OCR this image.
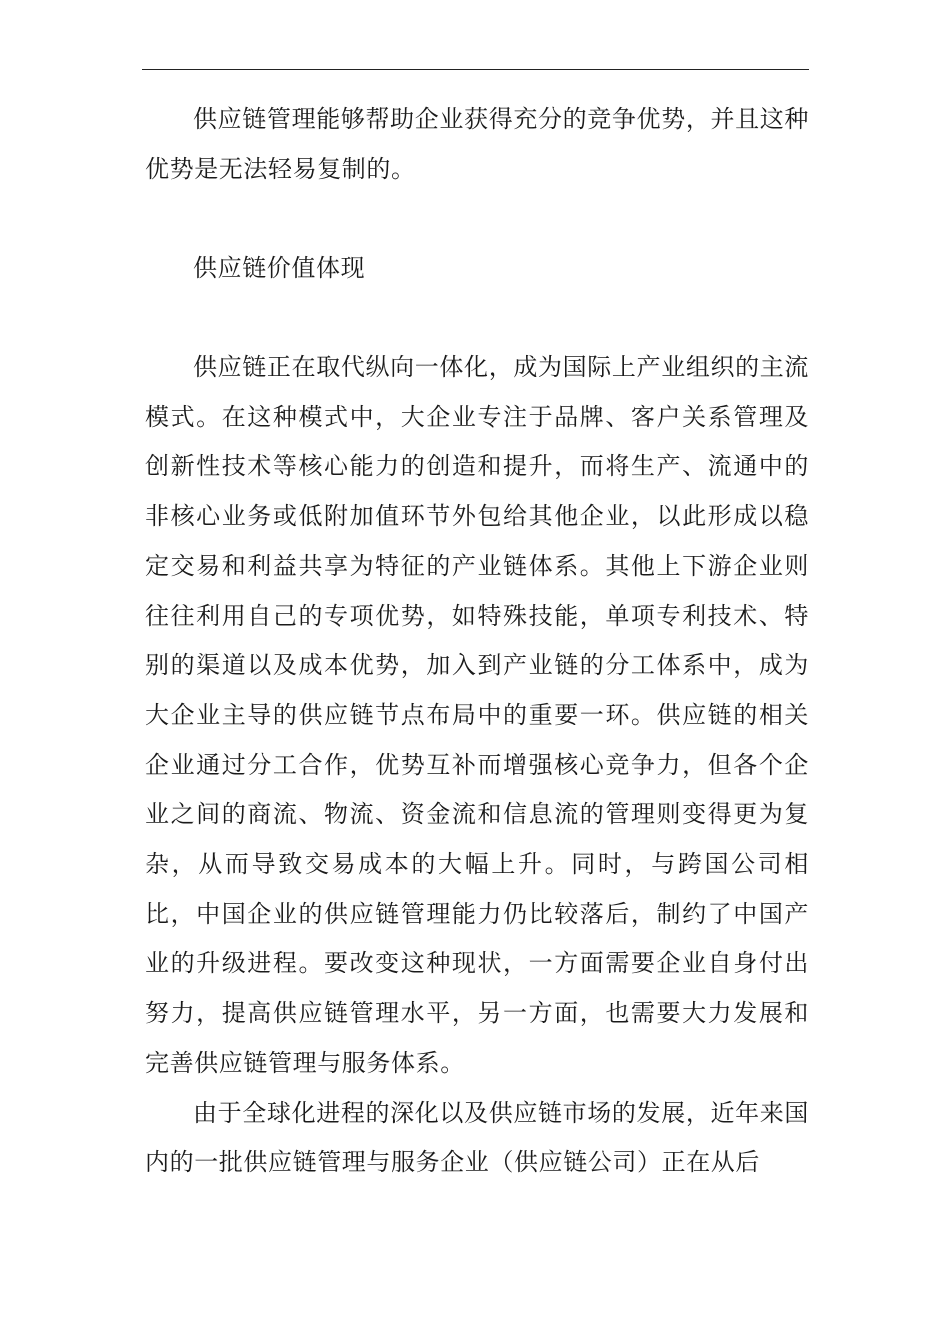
供应链管理能够帮助企业获得充分的竞争优势，并且这种优势是无法轻易复制的。

供应链价值体现

供应链正在取代纵向一体化，成为国际上产业组织的主流模式。在这种模式中，大企业专注于品牌、客户关系管理及创新性技术等核心能力的创造和提升，而将生产、流通中的非核心业务或低附加值环节外包给其他企业，以此形成以稳定交易和利益共享为特征的产业链体系。其他上下游企业则往往利用自己的专项优势，如特殊技能，单项专利技术、特别的渠道以及成本优势，加入到产业链的分工体系中，成为大企业主导的供应链节点布局中的重要一环。供应链的相关企业通过分工合作，优势互补而增强核心竞争力，但各个企业之间的商流、物流、资金流和信息流的管理则变得更为复杂，从而导致交易成本的大幅上升。同时，与跨国公司相比，中国企业的供应链管理能力仍比较落后，制约了中国产业的升级进程。要改变这种现状，一方面需要企业自身付出努力，提高供应链管理水平，另一方面，也需要大力发展和完善供应链管理与服务体系。

由于全球化进程的深化以及供应链市场的发展，近年来国内的一批供应链管理与服务企业（供应链公司）正在从后
